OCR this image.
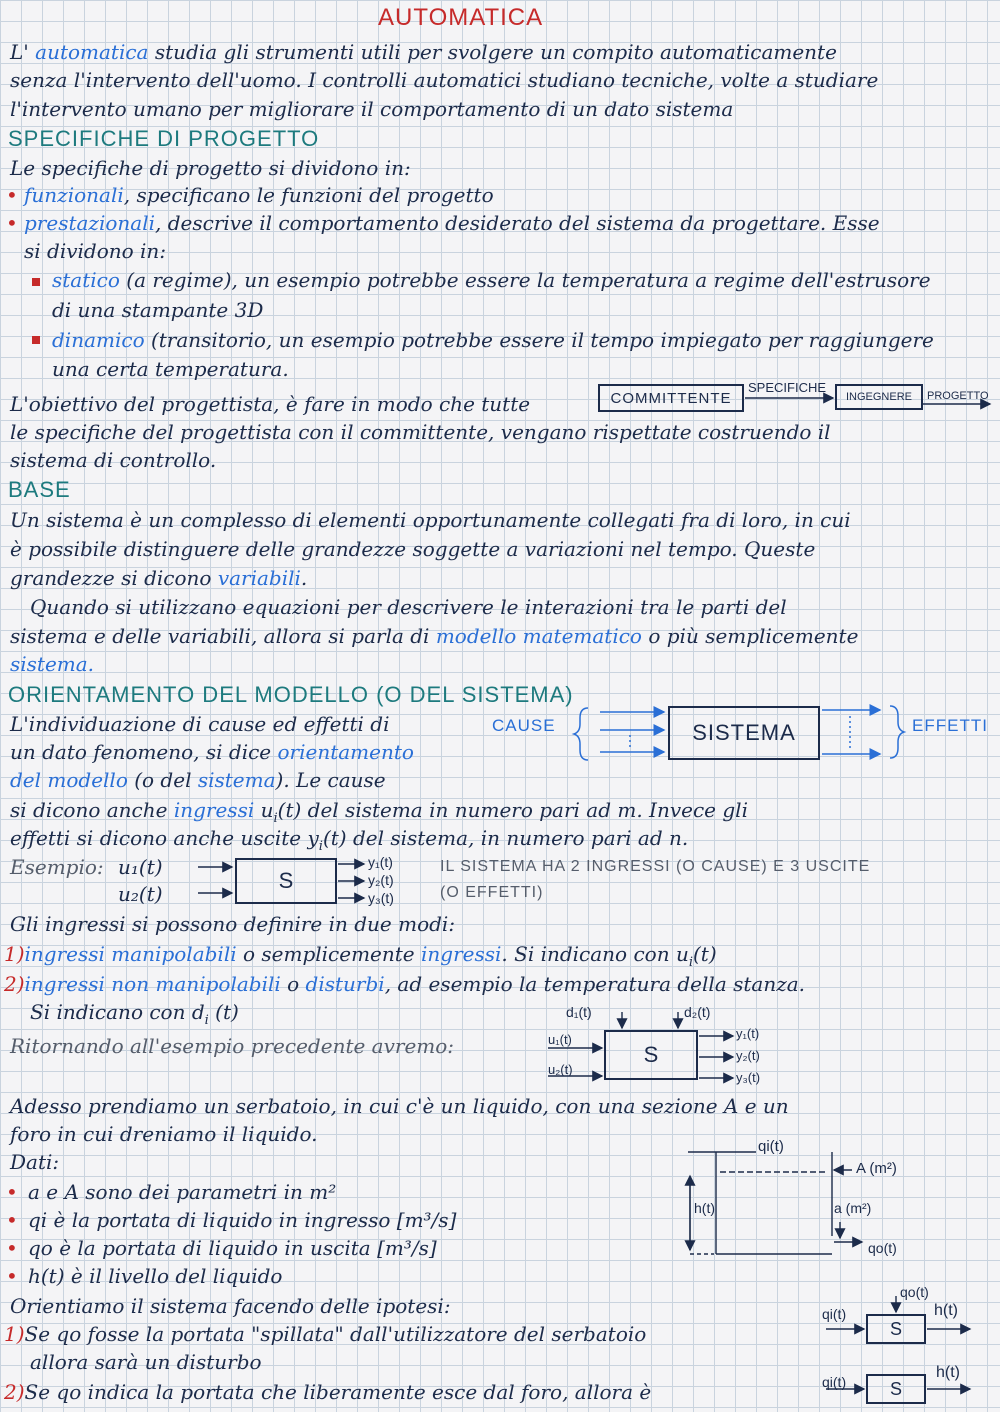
AUTOMATICA
L' automatica studia gli strumenti utili per svolgere un compito automaticamente
senza l'intervento dell'uomo. I controlli automatici studiano tecniche, volte a studiare
l'intervento umano per migliorare il comportamento di un dato sistema
SPECIFICHE DI PROGETTO
Le specifiche di progetto si dividono in:
• funzionali, specificano le funzioni del progetto
• prestazionali, descrive il comportamento desiderato del sistema da progettare. Esse
si dividono in:
statico (a regime), un esempio potrebbe essere la temperatura a regime dell'estrusore
di una stampante 3D
dinamico (transitorio, un esempio potrebbe essere il tempo impiegato per raggiungere
una certa temperatura.
L'obiettivo del progettista, è fare in modo che tutte	COMMITTENTE
SPECIFICHE
INGEGNERE PROGETTO
le specifiche del progettista con il committente, vengano rispettate costruendo il
sistema di controllo.
BASE
Un sistema è un complesso di elementi opportunamente collegati fra di loro, in cui
è possibile distinguere delle grandezze soggette a variazioni nel tempo. Queste
grandezze si dicono variabili.
Quando si utilizzano equazioni per descrivere le interazioni tra le parti del
sistema e delle variabili, allora si parla di modello matematico o più semplicemente
sistema.
ORIENTAMENTO DEL MODELLO (O DEL SISTEMA)
L'individuazione di cause ed effetti di
un dato fenomeno, si dice orientamento
del modello (o del sistema). Le cause
CAUSE	SISTEMA	EFFETTI
si dicono anche ingressi $u_i(t)$ del sistema in numero pari ad m. Invece gli
effetti si dicono anche uscite $y_i(t)$ del sistema, in numero pari ad n.
Esempio: u₁(t)
u₂(t)
S
y₁(t)
y₂(t)
y₃(t)
IL SISTEMA HA 2 INGRESSI (O CAUSE) E 3 USCITE
(O EFFETTI)
Gli ingressi si possono definire in due modi:
1)ingressi manipolabili o semplicemente ingressi. Si indicano con $u_i(t)$
2)ingressi non manipolabili o disturbi, ad esempio la temperatura della stanza.
Si indicano con $d_i$ (t)
Ritornando all'esempio precedente avremo:
d₁(t)	d₂(t)
u₁(t)
u₂(t)
S
y₁(t)
y₂(t)
y₃(t)
Adesso prendiamo un serbatoio, in cui c'è un liquido, con una sezione A e un
foro in cui dreniamo il liquido.
Dati:
• a e A sono dei parametri in m²
• qi è la portata di liquido in ingresso [m³/s]
• qo è la portata di liquido in uscita [m³/s]
• h(t) è il livello del liquido
qi(t)
A (m²)
a (m²)
h(t)
qo(t)
Orientiamo il sistema facendo delle ipotesi:
1)Se qo fosse la portata "spillata" dall'utilizzatore del serbatoio
allora sarà un disturbo
2)Se qo indica la portata che liberamente esce dal foro, allora è
qo(t)
qi(t)
S
h(t)
qi(t) S
h(t)
